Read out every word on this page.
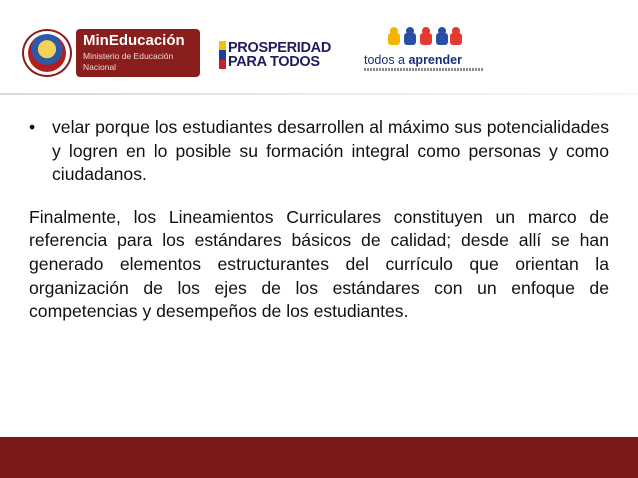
MinEducación
Ministerio de Educación Nacional
PROSPERIDAD
PARA TODOS	todos a aprender
• velar porque los estudiantes desarrollen al máximo sus potencialidades y logren en lo posible su formación integral como personas y como ciudadanos.

Finalmente, los Lineamientos Curriculares constituyen un marco de referencia para los estándares básicos de calidad; desde allí se han generado elementos estructurantes del currículo que orientan la organización de los ejes de los estándares con un enfoque de competencias y desempeños de los estudiantes.
